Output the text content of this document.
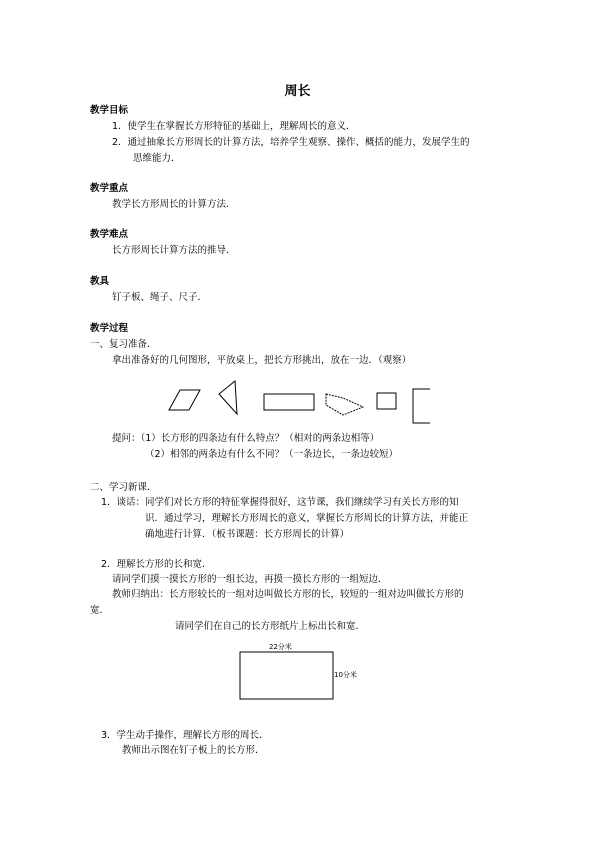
周长
教学目标
1．使学生在掌握长方形特征的基础上，理解周长的意义．
2．通过抽象长方形周长的计算方法，培养学生观察、操作、概括的能力，发展学生的
思维能力．
教学重点
教学长方形周长的计算方法．
教学难点
长方形周长计算方法的推导．
教具
钉子板、绳子、尺子．
教学过程
一、复习准备．
拿出准备好的几何图形，平放桌上，把长方形挑出，放在一边．（观察）
提问：（1）长方形的四条边有什么特点？（相对的两条边相等）
（2）相邻的两条边有什么不同？（一条边长，一条边较短）
二、学习新课．
1．谈话：同学们对长方形的特征掌握得很好，这节课，我们继续学习有关长方形的知
识．通过学习，理解长方形周长的意义，掌握长方形周长的计算方法，并能正
确地进行计算．（板书课题：长方形周长的计算）
2．理解长方形的长和宽．
请同学们摸一摸长方形的一组长边，再摸一摸长方形的一组短边．
教师归纳出：长方形较长的一组对边叫做长方形的长，较短的一组对边叫做长方形的
宽．
请同学们在自己的长方形纸片上标出长和宽．
22分米
10分米
3．学生动手操作，理解长方形的周长．
教师出示图在钉子板上的长方形．
